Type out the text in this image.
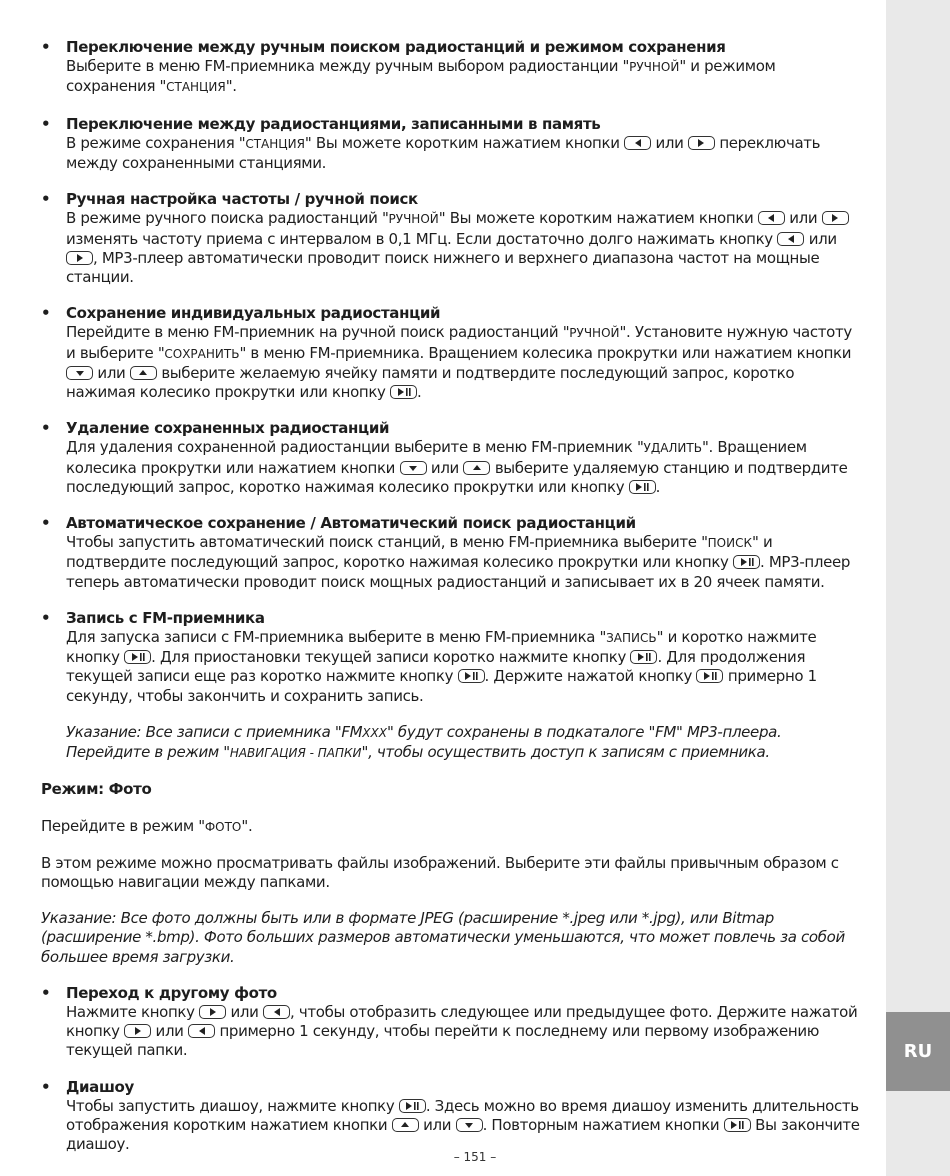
RU
• Переключение между ручным поиском радиостанций и режимом сохранения
Выберите в меню FM-приемника между ручным выбором радиостанции "РУЧНОЙ" и режимом сохранения "СТАНЦИЯ".
• Переключение между радиостанциями, записанными в память
В режиме сохранения "СТАНЦИЯ" Вы можете коротким нажатием кнопки или переключать между сохраненными станциями.
• Ручная настройка частоты / ручной поиск
В режиме ручного поиска радиостанций "РУЧНОЙ" Вы можете коротким нажатием кнопки или
изменять частоту приема с интервалом в 0,1 МГц. Если достаточно долго нажимать кнопку или
, MP3-плеер автоматически проводит поиск нижнего и верхнего диапазона частот на мощные станции.
• Сохранение индивидуальных радиостанций
Перейдите в меню FM-приемник на ручной поиск радиостанций "РУЧНОЙ". Установите нужную частоту и выберите "СОХРАНИТЬ" в меню FM-приемника. Вращением колесика прокрутки или нажатием кнопки
или выберите желаемую ячейку памяти и подтвердите последующий запрос, коротко нажимая колесико прокрутки или кнопку .
• Удаление сохраненных радиостанций
Для удаления сохраненной радиостанции выберите в меню FM-приемник "УДАЛИТЬ". Вращением колесика прокрутки или нажатием кнопки или выберите удаляемую станцию и подтвердите последующий запрос, коротко нажимая колесико прокрутки или кнопку .
• Автоматическое сохранение / Автоматический поиск радиостанций
Чтобы запустить автоматический поиск станций, в меню FM-приемника выберите "ПОИСК" и подтвердите последующий запрос, коротко нажимая колесико прокрутки или кнопку . MP3-плеер теперь автоматически проводит поиск мощных радиостанций и записывает их в 20 ячеек памяти.
• Запись с FM-приемника
Для запуска записи с FM-приемника выберите в меню FM-приемника "ЗАПИСЬ" и коротко нажмите кнопку . Для приостановки текущей записи коротко нажмите кнопку . Для продолжения текущей записи еще раз коротко нажмите кнопку . Держите нажатой кнопку примерно 1 секунду, чтобы закончить и сохранить запись.
Указание: Все записи с приемника "FMXXX" будут сохранены в подкаталоге "FM" MP3-плеера. Перейдите в режим "НАВИГАЦИЯ - ПАПКИ", чтобы осуществить доступ к записям с приемника.
Режим: Фото

Перейдите в режим "ФОТО".

В этом режиме можно просматривать файлы изображений. Выберите эти файлы привычным образом с помощью навигации между папками.

Указание: Все фото должны быть или в формате JPEG (расширение *.jpeg или *.jpg), или Bitmap (расширение *.bmp). Фото больших размеров автоматически уменьшаются, что может повлечь за собой большее время загрузки.

• Переход к другому фото
Нажмите кнопку или , чтобы отобразить следующее или предыдущее фото. Держите нажатой кнопку или примерно 1 секунду, чтобы перейти к последнему или первому изображению текущей папки.
• Диашоу
Чтобы запустить диашоу, нажмите кнопку . Здесь можно во время диашоу изменить длительность отображения коротким нажатием кнопки или . Повторным нажатием кнопки Вы закончите диашоу.
– 151 –
